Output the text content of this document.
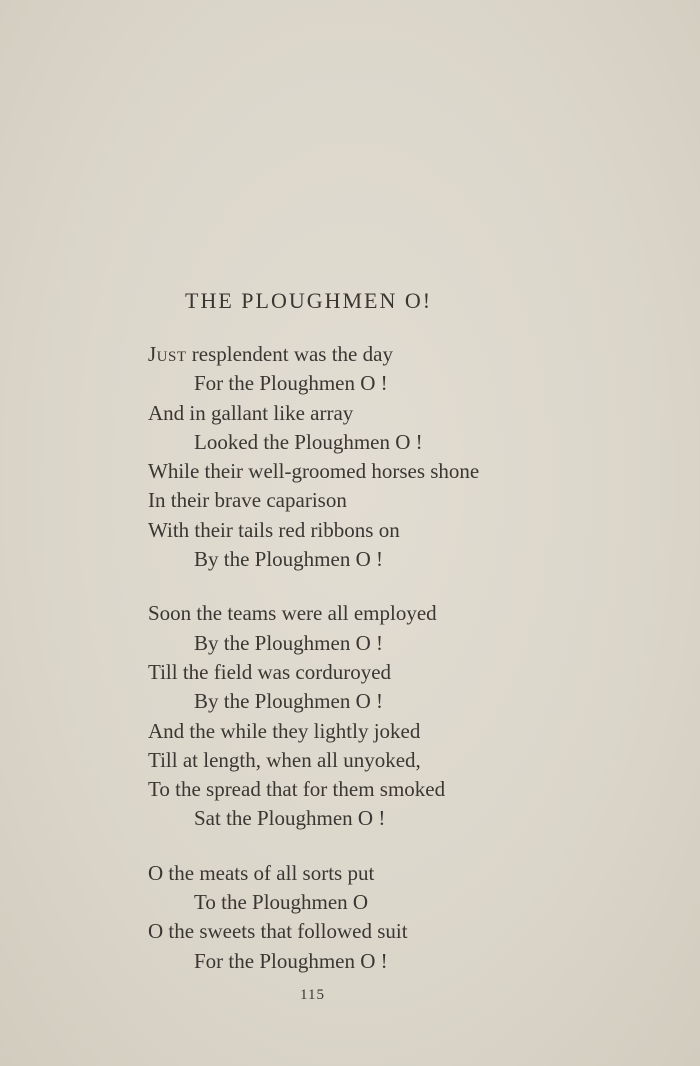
THE PLOUGHMEN O!
Just resplendent was the day
For the Ploughmen O !
And in gallant like array
Looked the Ploughmen O !
While their well-groomed horses shone
In their brave caparison
With their tails red ribbons on
By the Ploughmen O !
Soon the teams were all employed
By the Ploughmen O !
Till the field was corduroyed
By the Ploughmen O !
And the while they lightly joked
Till at length, when all unyoked,
To the spread that for them smoked
Sat the Ploughmen O !
O the meats of all sorts put
To the Ploughmen O
O the sweets that followed suit
For the Ploughmen O !
115
